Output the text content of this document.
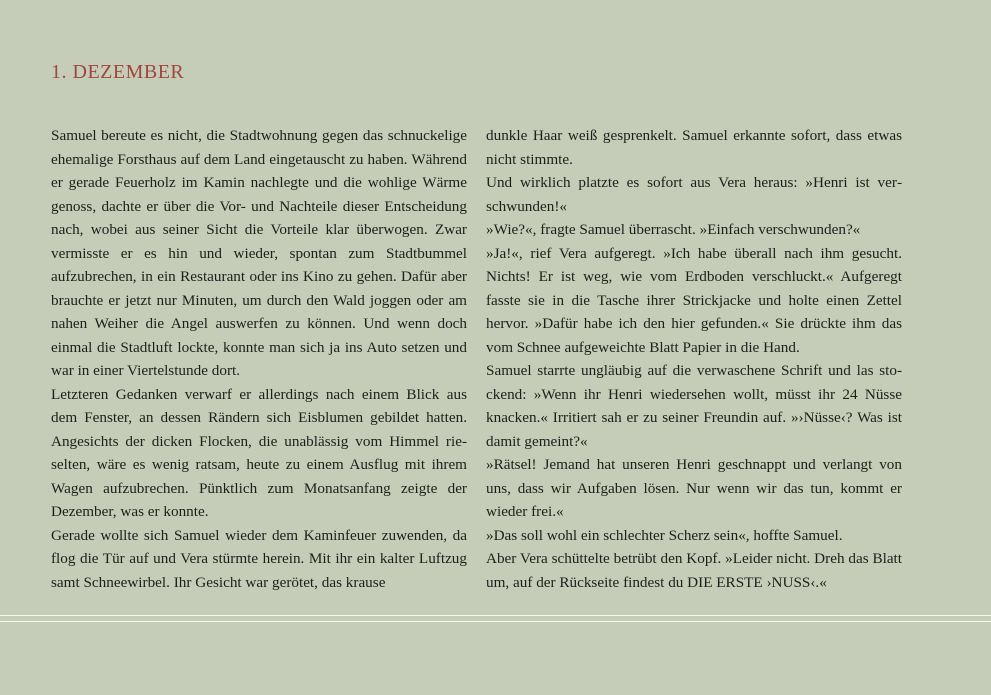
1. DEZEMBER

Samuel bereute es nicht, die Stadtwohnung gegen das schnuckelige ehemalige Forsthaus auf dem Land eingetauscht zu haben. Während er gerade Feuerholz im Kamin nachlegte und die wohlige Wärme genoss, dachte er über die Vor- und Nachteile dieser Entscheidung nach, wobei aus seiner Sicht die Vorteile klar überwogen. Zwar vermisste er es hin und wieder, spontan zum Stadtbummel aufzubrechen, in ein Restaurant oder ins Kino zu gehen. Dafür aber brauchte er jetzt nur Minuten, um durch den Wald joggen oder am nahen Weiher die Angel auswerfen zu können. Und wenn doch einmal die Stadtluft lockte, konnte man sich ja ins Auto setzen und war in einer Viertelstunde dort.

Letzteren Gedanken verwarf er allerdings nach einem Blick aus dem Fenster, an dessen Rändern sich Eisblumen gebildet hatten. Angesichts der dicken Flocken, die unablässig vom Himmel rieselten, wäre es wenig ratsam, heute zu einem Ausflug mit ihrem Wagen aufzubrechen. Pünktlich zum Monatsanfang zeigte der Dezember, was er konnte.

Gerade wollte sich Samuel wieder dem Kaminfeuer zuwenden, da flog die Tür auf und Vera stürmte herein. Mit ihr ein kalter Luftzug samt Schneewirbel. Ihr Gesicht war gerötet, das krause

dunkle Haar weiß gesprenkelt. Samuel erkannte sofort, dass etwas nicht stimmte.

Und wirklich platzte es sofort aus Vera heraus: »Henri ist verschwunden!«

»Wie?«, fragte Samuel überrascht. »Einfach verschwunden?«

»Ja!«, rief Vera aufgeregt. »Ich habe überall nach ihm gesucht. Nichts! Er ist weg, wie vom Erdboden verschluckt.« Aufgeregt fasste sie in die Tasche ihrer Strickjacke und holte einen Zettel hervor. »Dafür habe ich den hier gefunden.« Sie drückte ihm das vom Schnee aufgeweichte Blatt Papier in die Hand.

Samuel starrte ungläubig auf die verwaschene Schrift und las stockend: »Wenn ihr Henri wiedersehen wollt, müsst ihr 24 Nüsse knacken.« Irritiert sah er zu seiner Freundin auf. »›Nüsse‹? Was ist damit gemeint?«

»Rätsel! Jemand hat unseren Henri geschnappt und verlangt von uns, dass wir Aufgaben lösen. Nur wenn wir das tun, kommt er wieder frei.«

»Das soll wohl ein schlechter Scherz sein«, hoffte Samuel.

Aber Vera schüttelte betrübt den Kopf. »Leider nicht. Dreh das Blatt um, auf der Rückseite findest du DIE ERSTE ›NUSS‹.«
